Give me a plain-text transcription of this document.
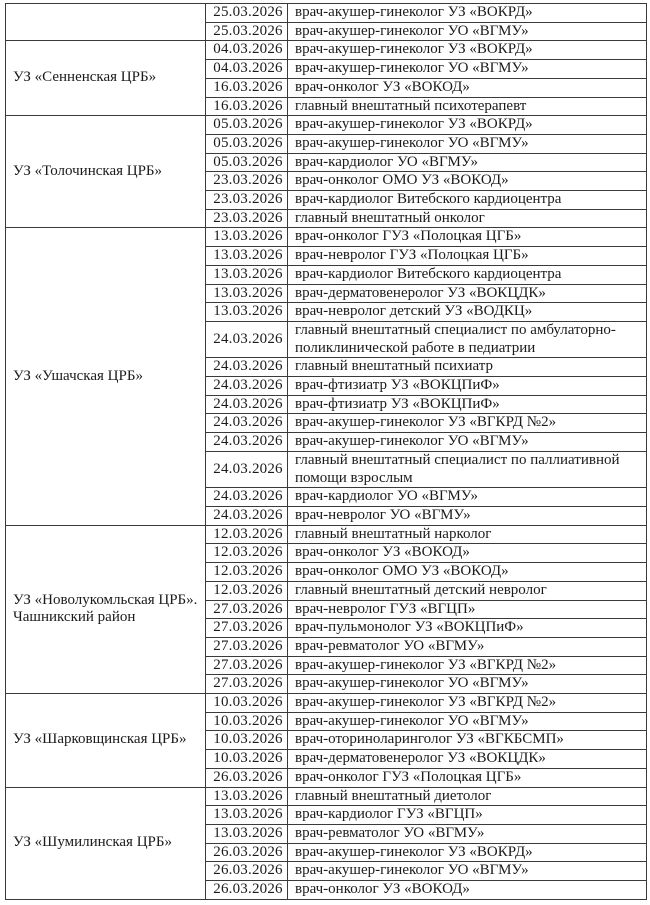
	25.03.2026	врач-акушер-гинеколог УЗ «ВОКРД»
	25.03.2026	врач-акушер-гинеколог УО «ВГМУ»
УЗ «Сенненская ЦРБ»	04.03.2026	врач-акушер-гинеколог УЗ «ВОКРД»
	04.03.2026	врач-акушер-гинеколог УО «ВГМУ»
	16.03.2026	врач-онколог УЗ «ВОКОД»
	16.03.2026	главный внештатный психотерапевт
УЗ «Толочинская ЦРБ»	05.03.2026	врач-акушер-гинеколог УЗ «ВОКРД»
	05.03.2026	врач-акушер-гинеколог УО «ВГМУ»
	05.03.2026	врач-кардиолог УО «ВГМУ»
	23.03.2026	врач-онколог ОМО УЗ «ВОКОД»
	23.03.2026	врач-кардиолог Витебского кардиоцентра
	23.03.2026	главный внештатный онколог
УЗ «Ушачская ЦРБ»	13.03.2026	врач-онколог ГУЗ «Полоцкая ЦГБ»
	13.03.2026	врач-невролог ГУЗ «Полоцкая ЦГБ»
	13.03.2026	врач-кардиолог Витебского кардиоцентра
	13.03.2026	врач-дерматовенеролог УЗ «ВОКЦДК»
	13.03.2026	врач-невролог детский УЗ «ВОДКЦ»
	24.03.2026	главный внештатный специалист по амбулаторно-поликлинической работе в педиатрии
	24.03.2026	главный внештатный психиатр
	24.03.2026	врач-фтизиатр УЗ «ВОКЦПиФ»
	24.03.2026	врач-фтизиатр УЗ «ВОКЦПиФ»
	24.03.2026	врач-акушер-гинеколог УЗ «ВГКРД №2»
	24.03.2026	врач-акушер-гинеколог УО «ВГМУ»
	24.03.2026	главный внештатный специалист по паллиативной помощи взрослым
	24.03.2026	врач-кардиолог УО «ВГМУ»
	24.03.2026	врач-невролог УО «ВГМУ»
УЗ «Новолукомльская ЦРБ». Чашникский район	12.03.2026	главный внештатный нарколог
	12.03.2026	врач-онколог УЗ «ВОКОД»
	12.03.2026	врач-онколог ОМО УЗ «ВОКОД»
	12.03.2026	главный внештатный детский невролог
	27.03.2026	врач-невролог ГУЗ «ВГЦП»
	27.03.2026	врач-пульмонолог УЗ «ВОКЦПиФ»
	27.03.2026	врач-ревматолог УО «ВГМУ»
	27.03.2026	врач-акушер-гинеколог УЗ «ВГКРД №2»
	27.03.2026	врач-акушер-гинеколог УО «ВГМУ»
УЗ «Шарковщинская ЦРБ»	10.03.2026	врач-акушер-гинеколог УЗ «ВГКРД №2»
	10.03.2026	врач-акушер-гинеколог УО «ВГМУ»
	10.03.2026	врач-оториноларинголог УЗ «ВГКБСМП»
	10.03.2026	врач-дерматовенеролог УЗ «ВОКЦДК»
	26.03.2026	врач-онколог ГУЗ «Полоцкая ЦГБ»
УЗ «Шумилинская ЦРБ»	13.03.2026	главный внештатный диетолог
	13.03.2026	врач-кардиолог ГУЗ «ВГЦП»
	13.03.2026	врач-ревматолог УО «ВГМУ»
	26.03.2026	врач-акушер-гинеколог УЗ «ВОКРД»
	26.03.2026	врач-акушер-гинеколог УО «ВГМУ»
	26.03.2026	врач-онколог УЗ «ВОКОД»
